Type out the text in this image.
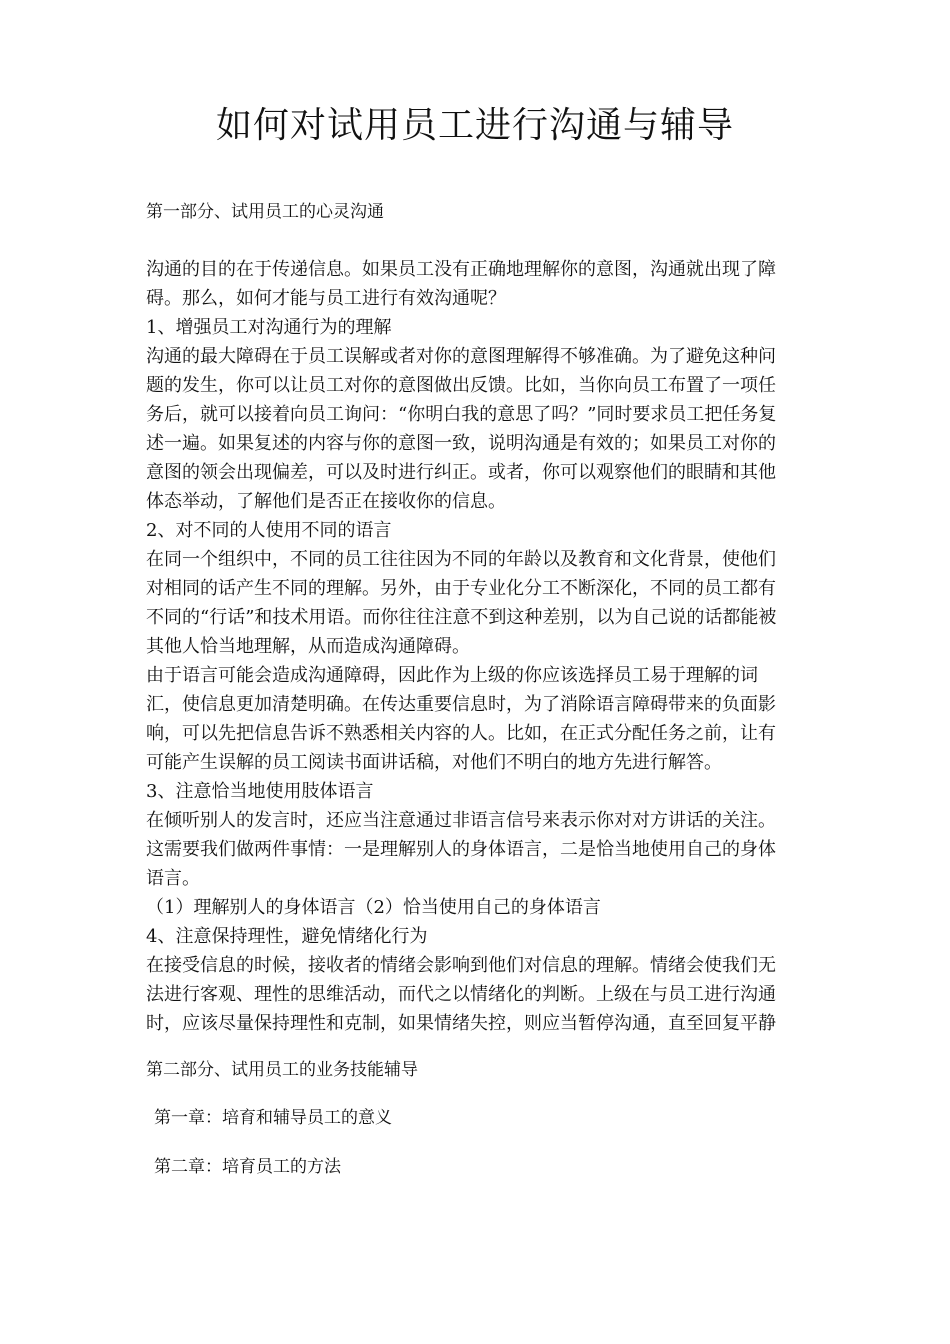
如何对试用员工进行沟通与辅导
第一部分、试用员工的心灵沟通
沟通的目的在于传递信息。如果员工没有正确地理解你的意图，沟通就出现了障
碍。那么，如何才能与员工进行有效沟通呢？
1、增强员工对沟通行为的理解
沟通的最大障碍在于员工误解或者对你的意图理解得不够准确。为了避免这种问
题的发生，你可以让员工对你的意图做出反馈。比如，当你向员工布置了一项任
务后，就可以接着向员工询问：“你明白我的意思了吗？”同时要求员工把任务复
述一遍。如果复述的内容与你的意图一致，说明沟通是有效的；如果员工对你的
意图的领会出现偏差，可以及时进行纠正。或者，你可以观察他们的眼睛和其他
体态举动，了解他们是否正在接收你的信息。
2、对不同的人使用不同的语言
在同一个组织中，不同的员工往往因为不同的年龄以及教育和文化背景，使他们
对相同的话产生不同的理解。另外，由于专业化分工不断深化，不同的员工都有
不同的“行话”和技术用语。而你往往注意不到这种差别，以为自己说的话都能被
其他人恰当地理解，从而造成沟通障碍。
由于语言可能会造成沟通障碍，因此作为上级的你应该选择员工易于理解的词
汇，使信息更加清楚明确。在传达重要信息时，为了消除语言障碍带来的负面影
响，可以先把信息告诉不熟悉相关内容的人。比如，在正式分配任务之前，让有
可能产生误解的员工阅读书面讲话稿，对他们不明白的地方先进行解答。
3、注意恰当地使用肢体语言
在倾听别人的发言时，还应当注意通过非语言信号来表示你对对方讲话的关注。
这需要我们做两件事情：一是理解别人的身体语言，二是恰当地使用自己的身体
语言。
（1）理解别人的身体语言（2）恰当使用自己的身体语言
4、注意保持理性，避免情绪化行为
在接受信息的时候，接收者的情绪会影响到他们对信息的理解。情绪会使我们无
法进行客观、理性的思维活动，而代之以情绪化的判断。上级在与员工进行沟通
时，应该尽量保持理性和克制，如果情绪失控，则应当暂停沟通，直至回复平静
第二部分、试用员工的业务技能辅导
第一章：培育和辅导员工的意义
第二章：培育员工的方法
